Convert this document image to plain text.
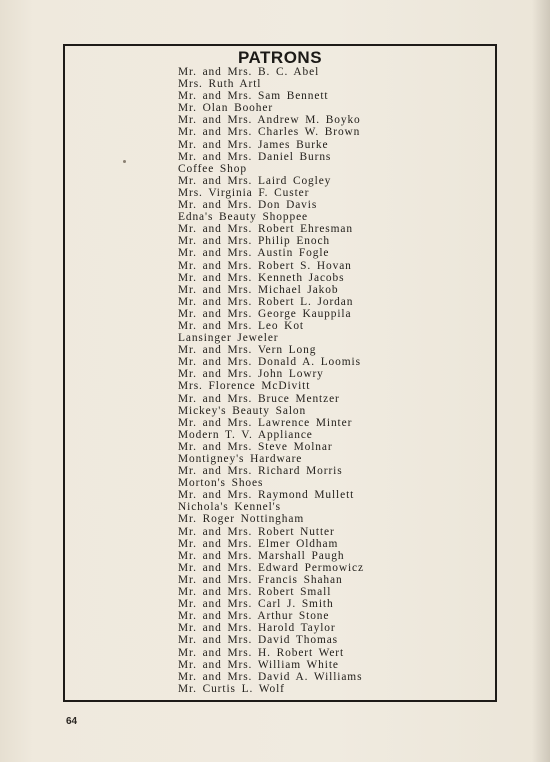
PATRONS
Mr. and Mrs. B. C. Abel
Mrs. Ruth Artl
Mr. and Mrs. Sam Bennett
Mr. Olan Booher
Mr. and Mrs. Andrew M. Boyko
Mr. and Mrs. Charles W. Brown
Mr. and Mrs. James Burke
Mr. and Mrs. Daniel Burns
Coffee Shop
Mr. and Mrs. Laird Cogley
Mrs. Virginia F. Custer
Mr. and Mrs. Don Davis
Edna's Beauty Shoppee
Mr. and Mrs. Robert Ehresman
Mr. and Mrs. Philip Enoch
Mr. and Mrs. Austin Fogle
Mr. and Mrs. Robert S. Hovan
Mr. and Mrs. Kenneth Jacobs
Mr. and Mrs. Michael Jakob
Mr. and Mrs. Robert L. Jordan
Mr. and Mrs. George Kauppila
Mr. and Mrs. Leo Kot
Lansinger Jeweler
Mr. and Mrs. Vern Long
Mr. and Mrs. Donald A. Loomis
Mr. and Mrs. John Lowry
Mrs. Florence McDivitt
Mr. and Mrs. Bruce Mentzer
Mickey's Beauty Salon
Mr. and Mrs. Lawrence Minter
Modern T. V. Appliance
Mr. and Mrs. Steve Molnar
Montigney's Hardware
Mr. and Mrs. Richard Morris
Morton's Shoes
Mr. and Mrs. Raymond Mullett
Nichola's Kennel's
Mr. Roger Nottingham
Mr. and Mrs. Robert Nutter
Mr. and Mrs. Elmer Oldham
Mr. and Mrs. Marshall Paugh
Mr. and Mrs. Edward Permowicz
Mr. and Mrs. Francis Shahan
Mr. and Mrs. Robert Small
Mr. and Mrs. Carl J. Smith
Mr. and Mrs. Arthur Stone
Mr. and Mrs. Harold Taylor
Mr. and Mrs. David Thomas
Mr. and Mrs. H. Robert Wert
Mr. and Mrs. William White
Mr. and Mrs. David A. Williams
Mr. Curtis L. Wolf
64
